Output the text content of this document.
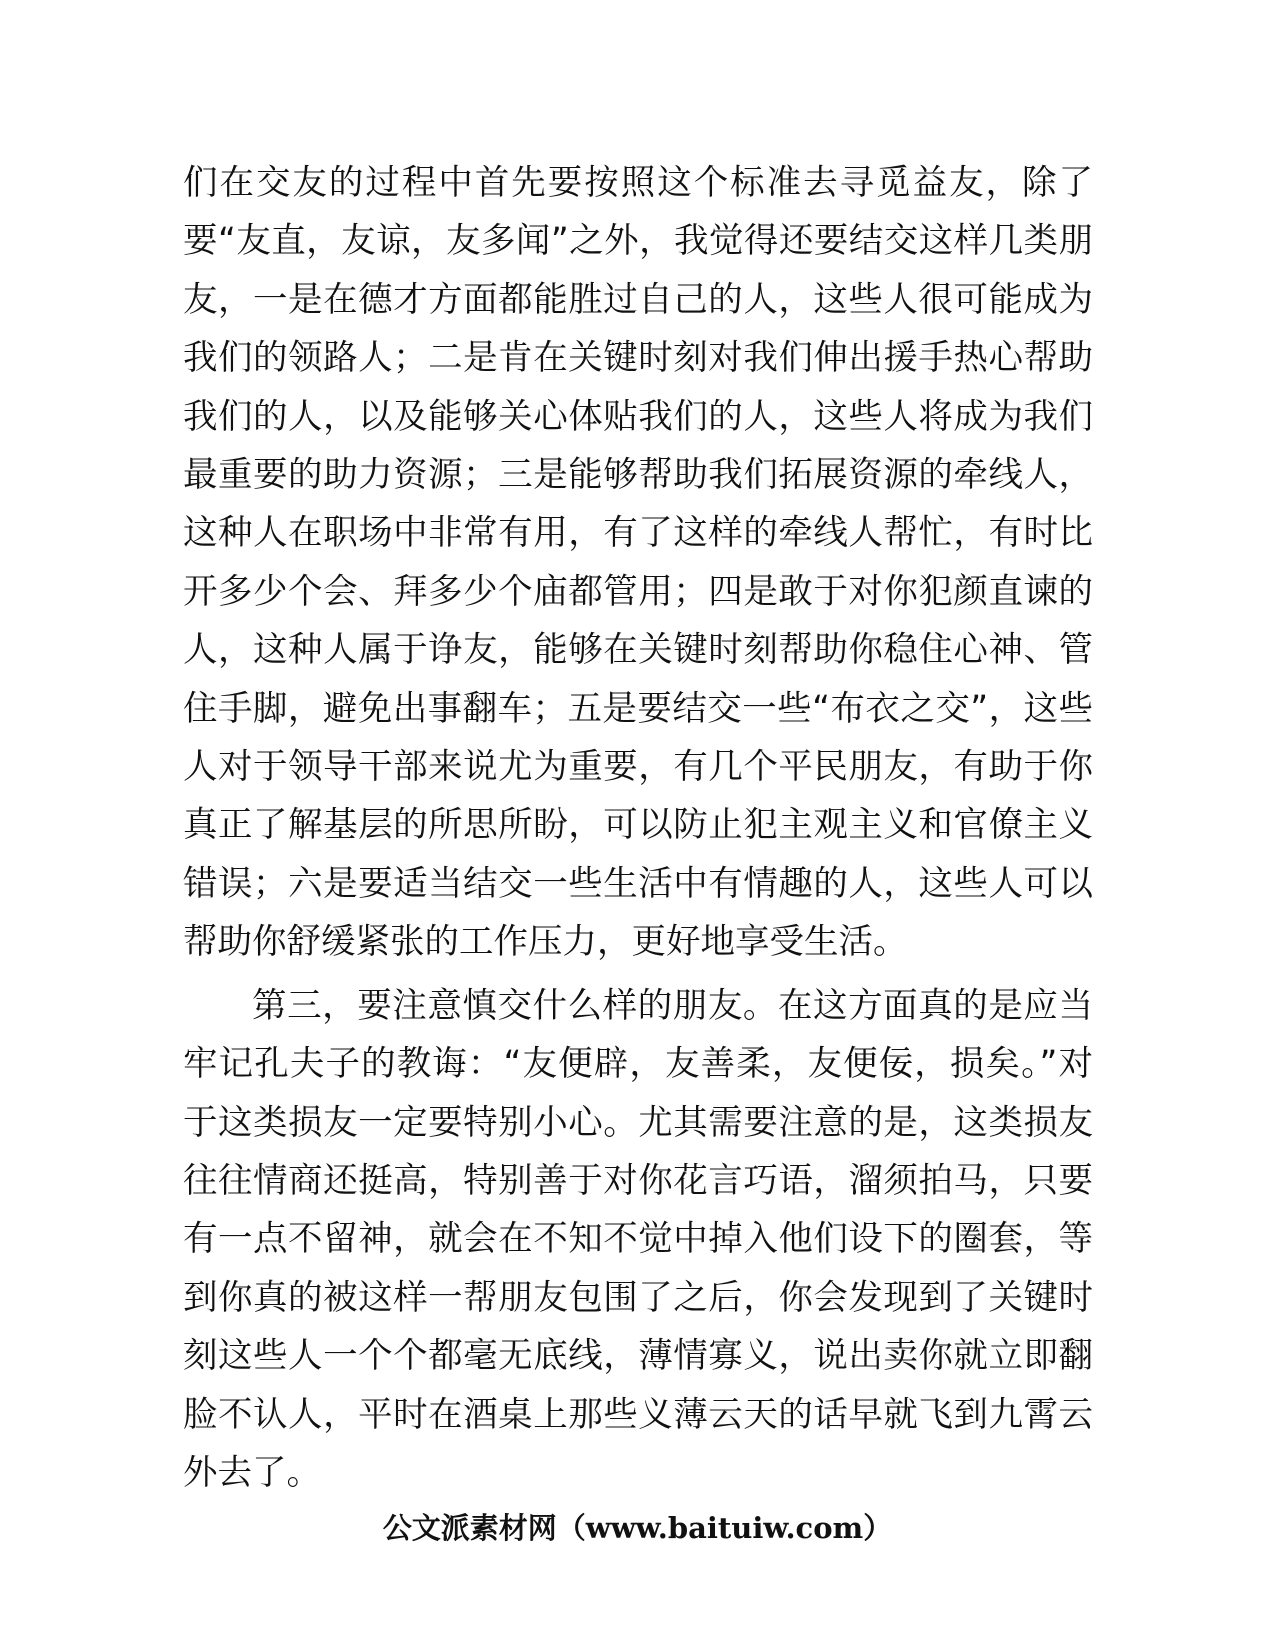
们在交友的过程中首先要按照这个标准去寻觅益友，除了要“友直，友谅，友多闻”之外，我觉得还要结交这样几类朋友，一是在德才方面都能胜过自己的人，这些人很可能成为我们的领路人；二是肯在关键时刻对我们伸出援手热心帮助我们的人，以及能够关心体贴我们的人，这些人将成为我们最重要的助力资源；三是能够帮助我们拓展资源的牵线人，这种人在职场中非常有用，有了这样的牵线人帮忙，有时比开多少个会、拜多少个庙都管用；四是敢于对你犯颜直谏的人，这种人属于诤友，能够在关键时刻帮助你稳住心神、管住手脚，避免出事翻车；五是要结交一些“布衣之交”，这些人对于领导干部来说尤为重要，有几个平民朋友，有助于你真正了解基层的所思所盼，可以防止犯主观主义和官僚主义错误；六是要适当结交一些生活中有情趣的人，这些人可以帮助你舒缓紧张的工作压力，更好地享受生活。

第三，要注意慎交什么样的朋友。在这方面真的是应当牢记孔夫子的教诲：“友便辟，友善柔，友便佞，损矣。”对于这类损友一定要特别小心。尤其需要注意的是，这类损友往往情商还挺高，特别善于对你花言巧语，溜须拍马，只要有一点不留神，就会在不知不觉中掉入他们设下的圈套，等到你真的被这样一帮朋友包围了之后，你会发现到了关键时刻这些人一个个都毫无底线，薄情寡义，说出卖你就立即翻脸不认人，平时在酒桌上那些义薄云天的话早就飞到九霄云外去了。

公文派素材网（www.baituiw.com）
